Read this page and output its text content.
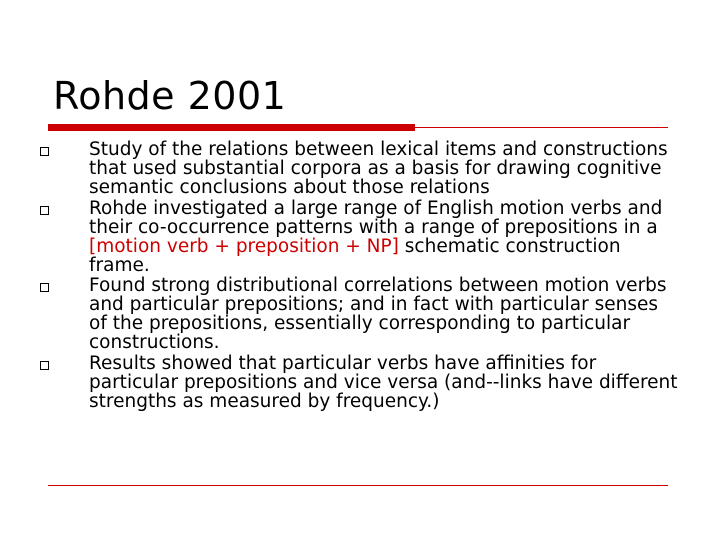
Rohde 2001
Study of the relations between lexical items and constructions that used substantial corpora as a basis for drawing cognitive semantic conclusions about those relations
Rohde investigated a large range of English motion verbs and their co-occurrence patterns with a range of prepositions in a [motion verb + preposition + NP] schematic construction frame.
Found strong distributional correlations between motion verbs and particular prepositions; and in fact with particular senses of the prepositions, essentially corresponding to particular constructions.
Results showed that particular verbs have affinities for particular prepositions and vice versa (and--links have different strengths as measured by frequency.)
